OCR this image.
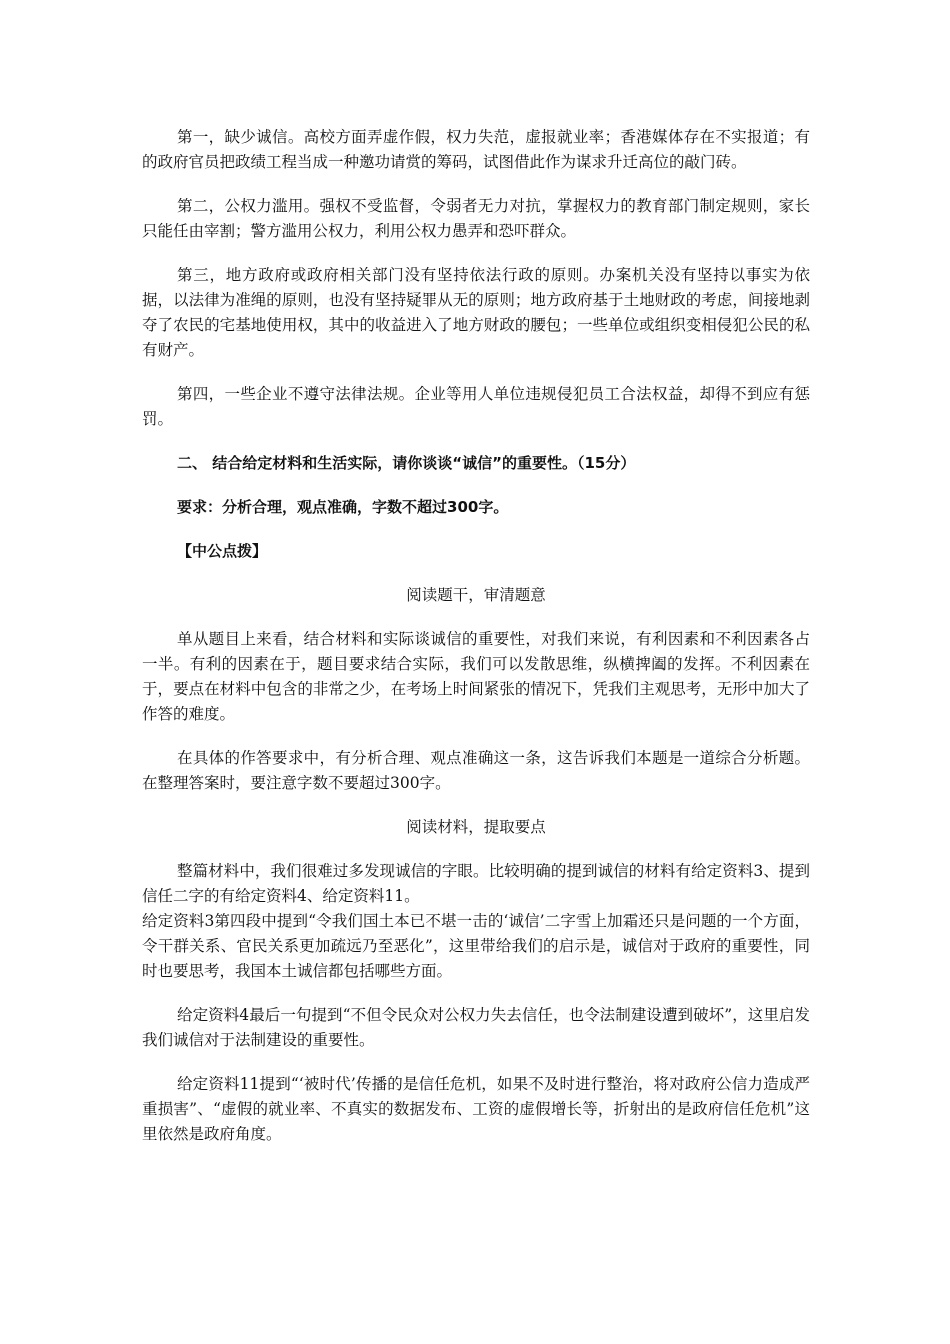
第一，缺少诚信。高校方面弄虚作假，权力失范，虚报就业率；香港媒体存在不实报道；有的政府官员把政绩工程当成一种邀功请赏的筹码，试图借此作为谋求升迁高位的敲门砖。

第二，公权力滥用。强权不受监督，令弱者无力对抗，掌握权力的教育部门制定规则，家长只能任由宰割；警方滥用公权力，利用公权力愚弄和恐吓群众。

第三，地方政府或政府相关部门没有坚持依法行政的原则。办案机关没有坚持以事实为依据，以法律为准绳的原则，也没有坚持疑罪从无的原则；地方政府基于土地财政的考虑，间接地剥夺了农民的宅基地使用权，其中的收益进入了地方财政的腰包；一些单位或组织变相侵犯公民的私有财产。

第四，一些企业不遵守法律法规。企业等用人单位违规侵犯员工合法权益，却得不到应有惩罚。

二、 结合给定材料和生活实际，请你谈谈“诚信”的重要性。（15分）

要求：分析合理，观点准确，字数不超过300字。

【中公点拨】

阅读题干，审清题意

单从题目上来看，结合材料和实际谈诚信的重要性，对我们来说，有利因素和不利因素各占一半。有利的因素在于，题目要求结合实际，我们可以发散思维，纵横捭阖的发挥。不利因素在于，要点在材料中包含的非常之少，在考场上时间紧张的情况下，凭我们主观思考，无形中加大了作答的难度。

在具体的作答要求中，有分析合理、观点准确这一条，这告诉我们本题是一道综合分析题。在整理答案时，要注意字数不要超过300字。

阅读材料，提取要点

整篇材料中，我们很难过多发现诚信的字眼。比较明确的提到诚信的材料有给定资料3、提到信任二字的有给定资料4、给定资料11。

给定资料3第四段中提到“令我们国土本已不堪一击的‘诚信’二字雪上加霜还只是问题的一个方面，令干群关系、官民关系更加疏远乃至恶化”，这里带给我们的启示是，诚信对于政府的重要性，同时也要思考，我国本土诚信都包括哪些方面。

给定资料4最后一句提到“不但令民众对公权力失去信任，也令法制建设遭到破坏”，这里启发我们诚信对于法制建设的重要性。

给定资料11提到“‘被时代’传播的是信任危机，如果不及时进行整治，将对政府公信力造成严重损害”、“虚假的就业率、不真实的数据发布、工资的虚假增长等，折射出的是政府信任危机”这里依然是政府角度。
